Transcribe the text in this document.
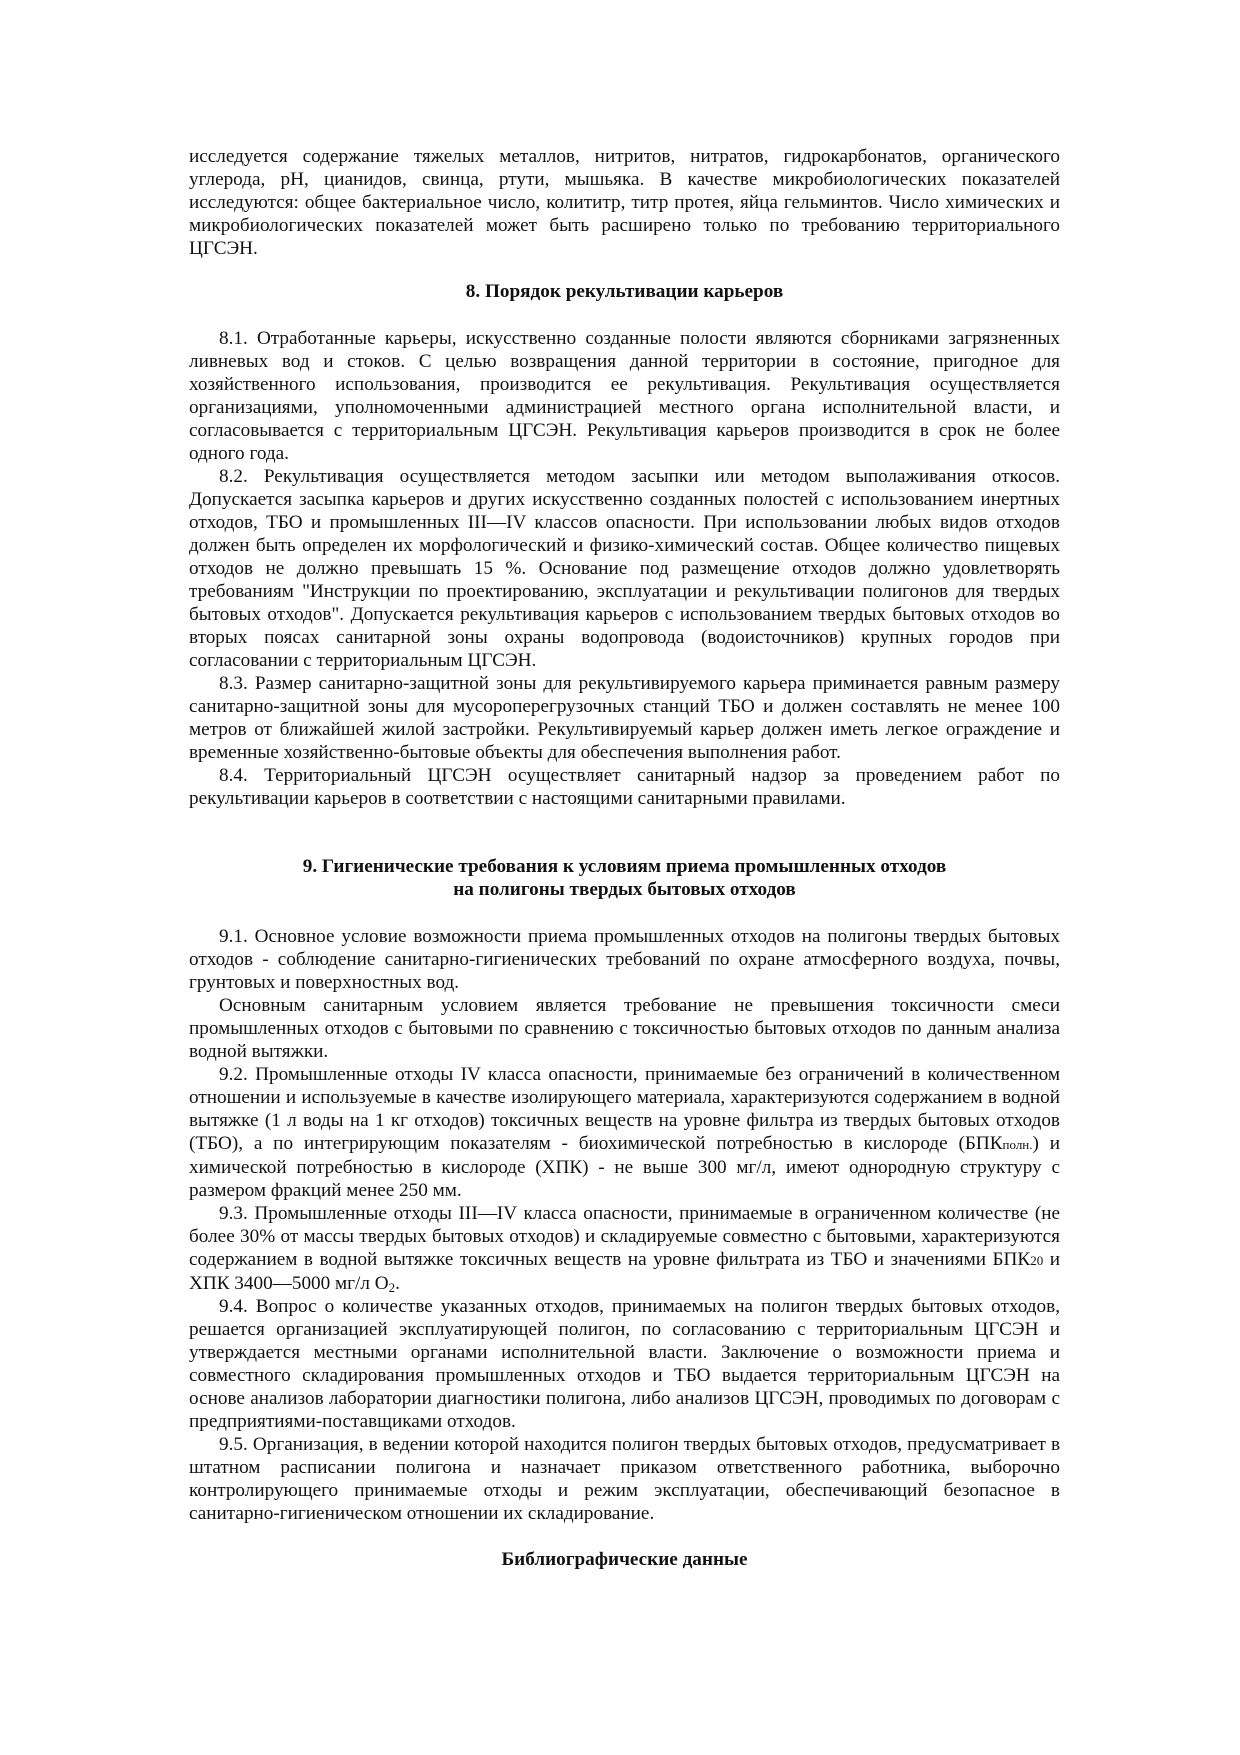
исследуется содержание тяжелых металлов, нитритов, нитратов, гидрокарбонатов, органического углерода, pH, цианидов, свинца, ртути, мышьяка. В качестве микробиологических показателей исследуются: общее бактериальное число, колититр, титр протея, яйца гельминтов. Число химических и микробиологических показателей может быть расширено только по требованию территориального ЦГСЭН.

8. Порядок рекультивации карьеров

8.1. Отработанные карьеры, искусственно созданные полости являются сборниками загрязненных ливневых вод и стоков. С целью возвращения данной территории в состояние, пригодное для хозяйственного использования, производится ее рекультивация. Рекультивация осуществляется организациями, уполномоченными администрацией местного органа исполнительной власти, и согласовывается с территориальным ЦГСЭН. Рекультивация карьеров производится в срок не более одного года.

8.2. Рекультивация осуществляется методом засыпки или методом выполаживания откосов. Допускается засыпка карьеров и других искусственно созданных полостей с использованием инертных отходов, ТБО и промышленных III—IV классов опасности. При использовании любых видов отходов должен быть определен их морфологический и физико-химический состав. Общее количество пищевых отходов не должно превышать 15 %. Основание под размещение отходов должно удовлетворять требованиям "Инструкции по проектированию, эксплуатации и рекультивации полигонов для твердых бытовых отходов". Допускается рекультивация карьеров с использованием твердых бытовых отходов во вторых поясах санитарной зоны охраны водопровода (водоисточников) крупных городов при согласовании с территориальным ЦГСЭН.

8.3. Размер санитарно-защитной зоны для рекультивируемого карьера приминается равным размеру санитарно-защитной зоны для мусороперегрузочных станций ТБО и должен составлять не менее 100 метров от ближайшей жилой застройки. Рекультивируемый карьер должен иметь легкое ограждение и временные хозяйственно-бытовые объекты для обеспечения выполнения работ.

8.4. Территориальный ЦГСЭН осуществляет санитарный надзор за проведением работ по рекультивации карьеров в соответствии с настоящими санитарными правилами.

9. Гигиенические требования к условиям приема промышленных отходов
на полигоны твердых бытовых отходов

9.1. Основное условие возможности приема промышленных отходов на полигоны твердых бытовых отходов - соблюдение санитарно-гигиенических требований по охране атмосферного воздуха, почвы, грунтовых и поверхностных вод.

Основным санитарным условием является требование не превышения токсичности смеси промышленных отходов с бытовыми по сравнению с токсичностью бытовых отходов по данным анализа водной вытяжки.

9.2. Промышленные отходы IV класса опасности, принимаемые без ограничений в количественном отношении и используемые в качестве изолирующего материала, характеризуются содержанием в водной вытяжке (1 л воды на 1 кг отходов) токсичных веществ на уровне фильтра из твердых бытовых отходов (ТБО), а по интегрирующим показателям - биохимической потребностью в кислороде (БПКполн.) и химической потребностью в кислороде (ХПК) - не выше 300 мг/л, имеют однородную структуру с размером фракций менее 250 мм.

9.3. Промышленные отходы III—IV класса опасности, принимаемые в ограниченном количестве (не более 30% от массы твердых бытовых отходов) и складируемые совместно с бытовыми, характеризуются содержанием в водной вытяжке токсичных веществ на уровне фильтрата из ТБО и значениями БПК20 и ХПК 3400—5000 мг/л О2.

9.4. Вопрос о количестве указанных отходов, принимаемых на полигон твердых бытовых отходов, решается организацией эксплуатирующей полигон, по согласованию с территориальным ЦГСЭН и утверждается местными органами исполнительной власти. Заключение о возможности приема и совместного складирования промышленных отходов и ТБО выдается территориальным ЦГСЭН на основе анализов лаборатории диагностики полигона, либо анализов ЦГСЭН, проводимых по договорам с предприятиями-поставщиками отходов.

9.5. Организация, в ведении которой находится полигон твердых бытовых отходов, предусматривает в штатном расписании полигона и назначает приказом ответственного работника, выборочно контролирующего принимаемые отходы и режим эксплуатации, обеспечивающий безопасное в санитарно-гигиеническом отношении их складирование.

Библиографические данные
